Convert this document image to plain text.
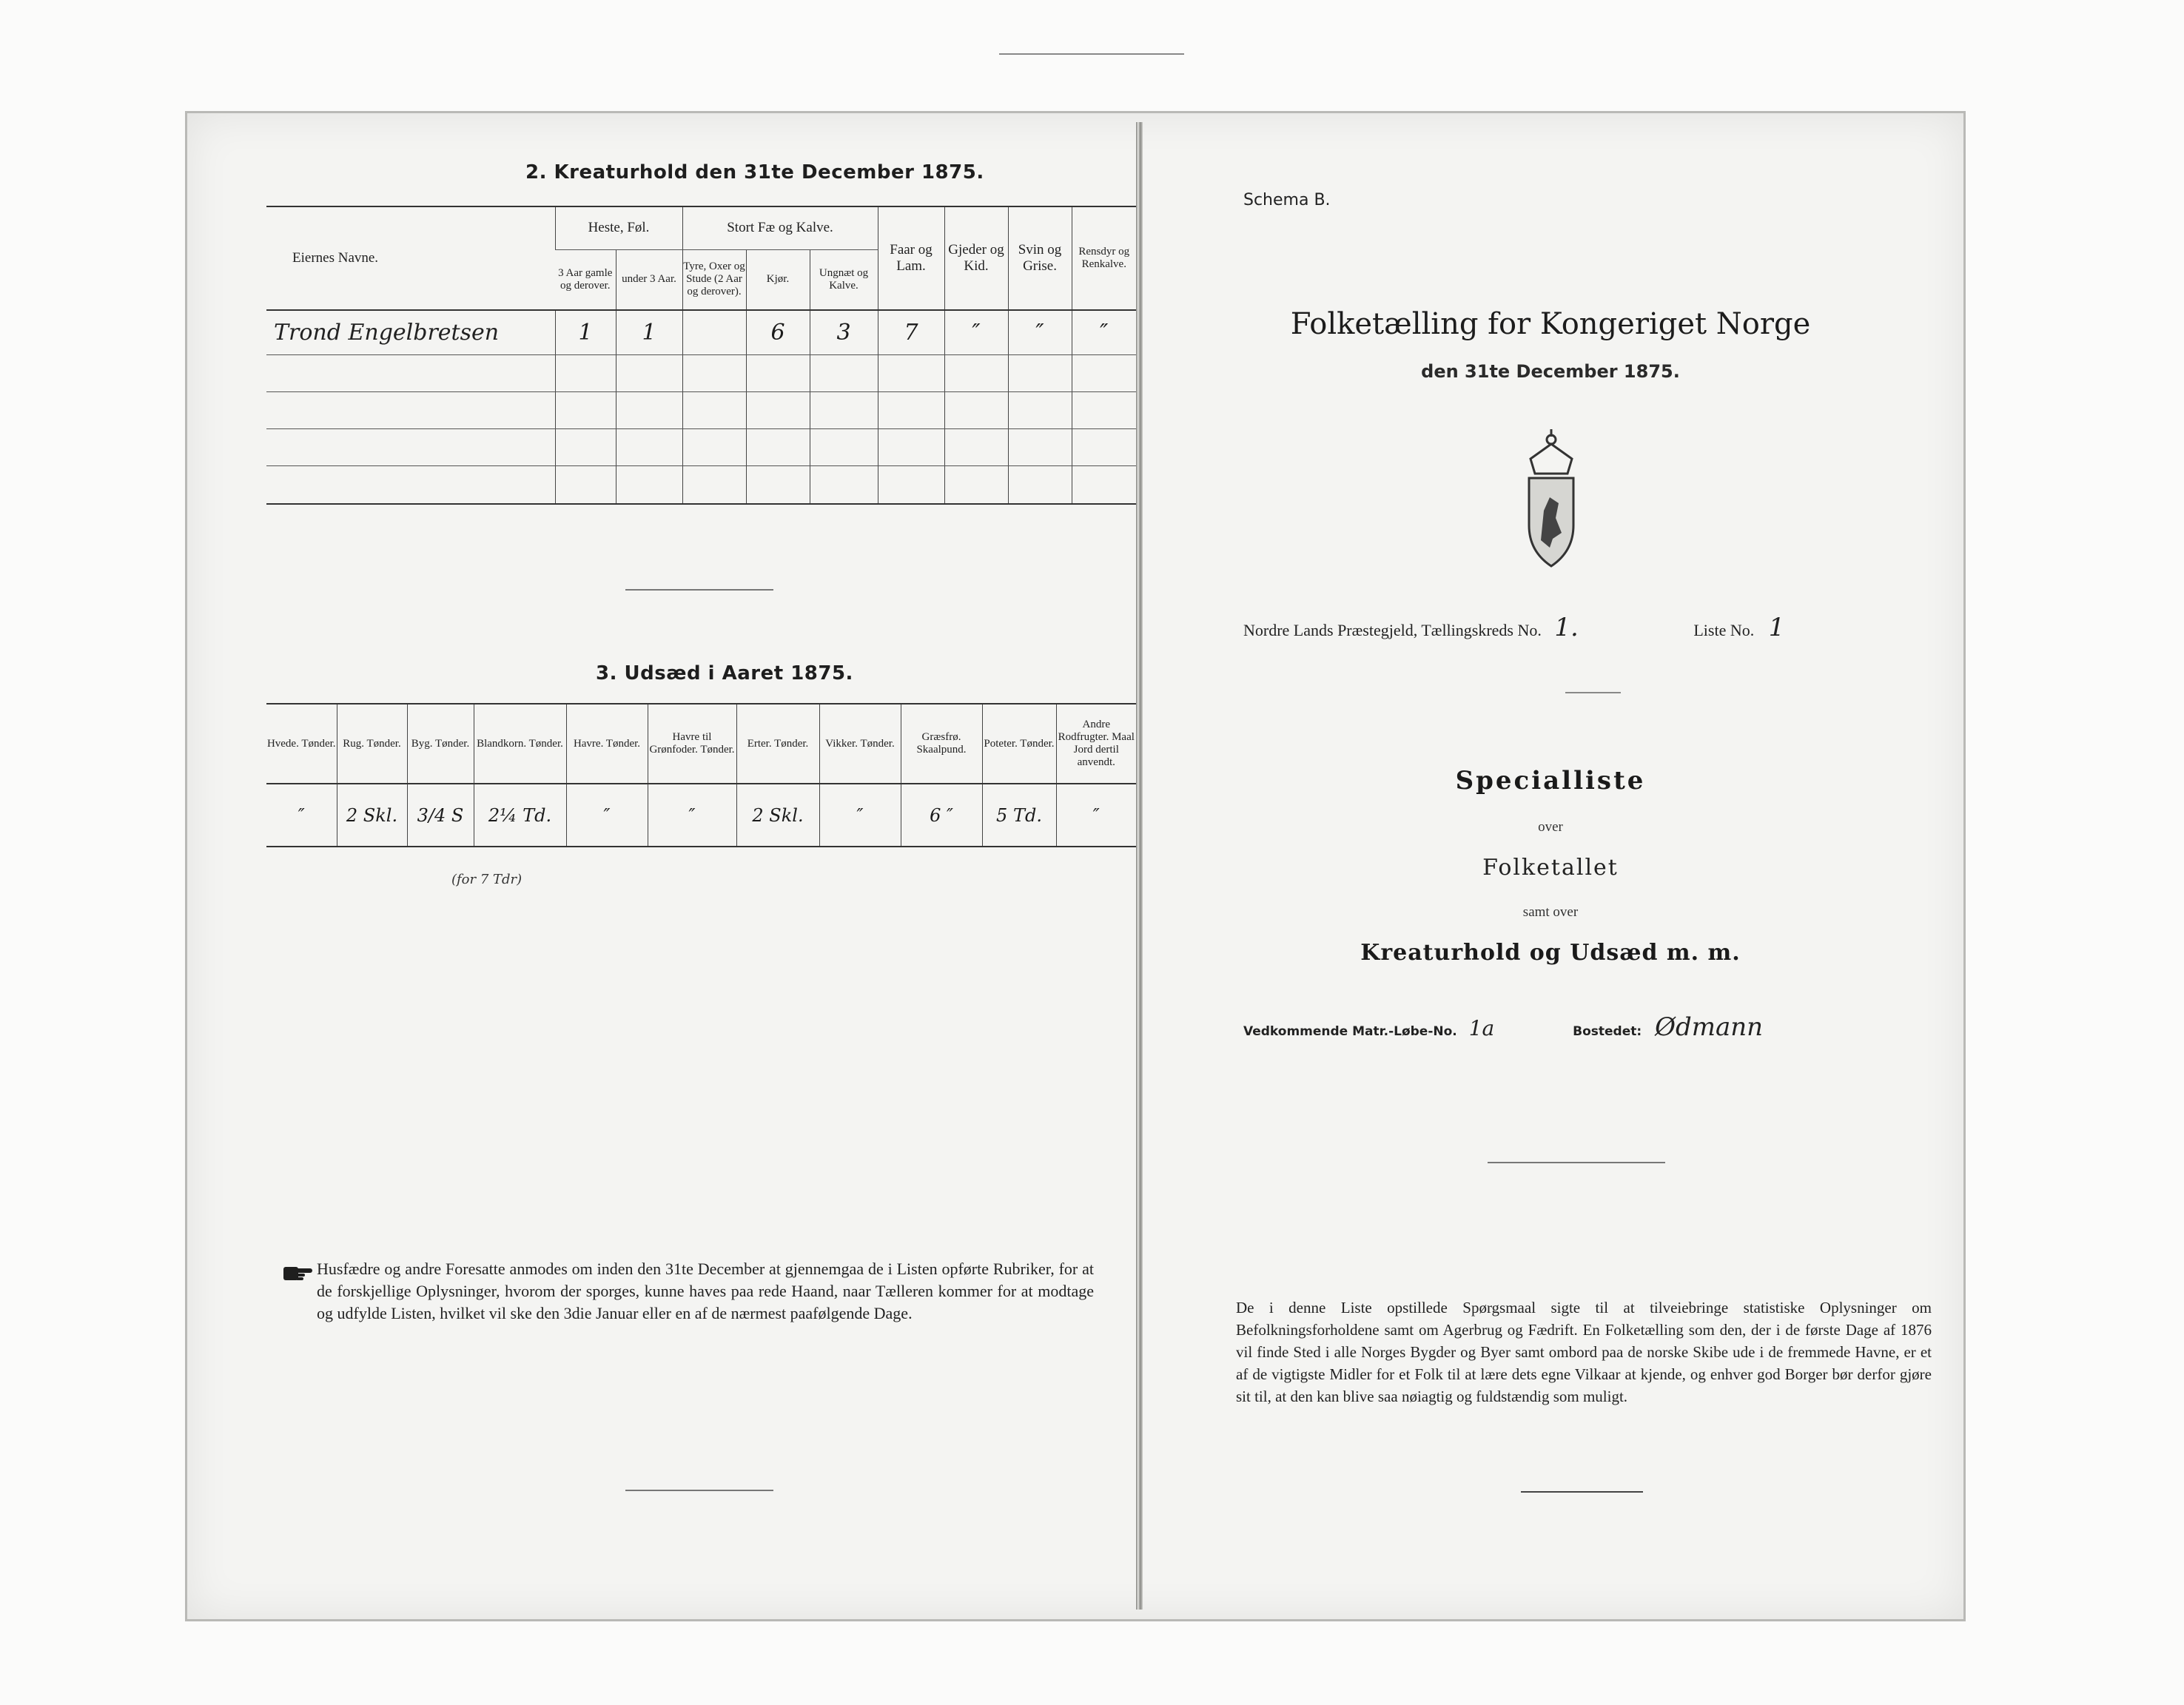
2. Kreaturhold den 31te December 1875.
Eiernes Navne.	Heste, Føl.		Stort Fæ og Kalve.			Faar og Lam.	Gjeder og Kid.	Svin og Grise.	Rensdyr og Renkalve.
	3 Aar gamle og derover.	under 3 Aar.	Tyre, Oxer og Stude (2 Aar og derover).	Kjør.	Ungnæt og Kalve.				
Trond Engelbretsen	1	1		6	3	7	″	″	″

3. Udsæd i Aaret 1875.
Hvede. Tønder.	Rug. Tønder.	Byg. Tønder.	Blandkorn. Tønder.	Havre. Tønder.	Havre til Grønfoder. Tønder.	Erter. Tønder.	Vikker. Tønder.	Græsfrø. Skaalpund.	Poteter. Tønder.	Andre Rodfrugter. Maal Jord dertil anvendt.
″	2 Skl.	3/4 S	2¼ Td.	″	″	2 Skl.	″	6 ″	5 Td.	″
(for 7 Tdr)
Husfædre og andre Foresatte anmodes om inden den 31te December at gjennemgaa de i Listen opførte Rubriker, for at de forskjellige Oplysninger, hvorom der sporges, kunne haves paa rede Haand, naar Tælleren kommer for at modtage og udfylde Listen, hvilket vil ske den 3die Januar eller en af de nærmest paafølgende Dage.
Schema B.
Folketælling for Kongeriget Norge
den 31te December 1875.
Nordre Lands Præstegjeld, Tællingskreds No. 1.	Liste No. 1
Specialliste
over
Folketallet
samt over
Kreaturhold og Udsæd m. m.
Vedkommende Matr.-Løbe-No. 1a	Bostedet: Ødmann
De i denne Liste opstillede Spørgsmaal sigte til at tilveiebringe statistiske Oplysninger om Befolkningsforholdene samt om Agerbrug og Fædrift. En Folketælling som den, der i de første Dage af 1876 vil finde Sted i alle Norges Bygder og Byer samt ombord paa de norske Skibe ude i de fremmede Havne, er et af de vigtigste Midler for et Folk til at lære dets egne Vilkaar at kjende, og enhver god Borger bør derfor gjøre sit til, at den kan blive saa nøiagtig og fuldstændig som muligt.
